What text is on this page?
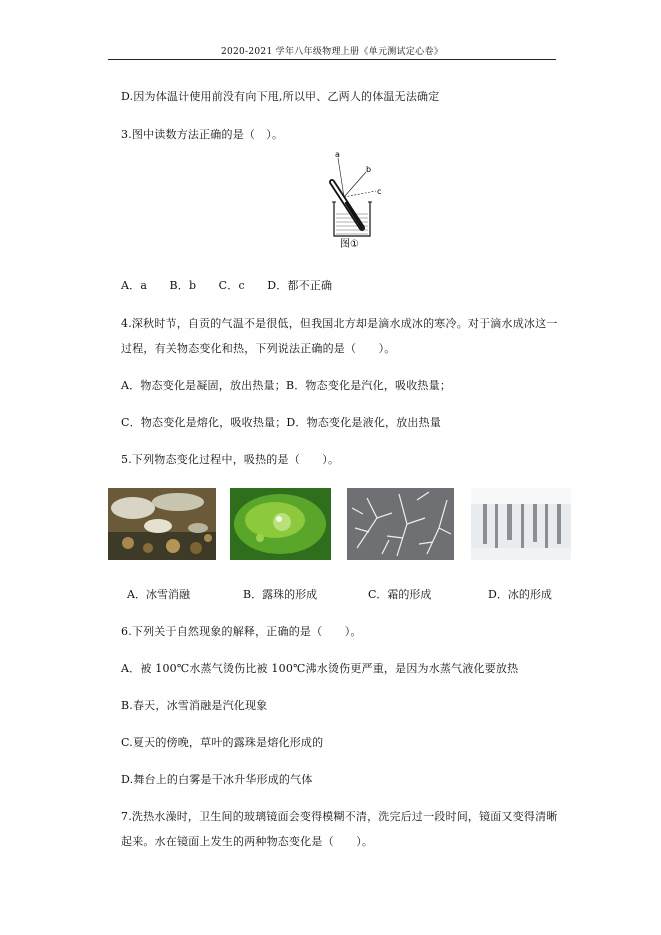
2020-2021 学年八年级物理上册《单元测试定心卷》
D.因为体温计使用前没有向下甩,所以甲、乙两人的体温无法确定
3.图中读数方法正确的是（　）。
a
b
c
图①
A．a　　B．b　　C．c　　D．都不正确
4.深秋时节，自贡的气温不是很低，但我国北方却是滴水成冰的寒冷。对于滴水成冰这一
过程，有关物态变化和热，下列说法正确的是（　　）。
A．物态变化是凝固，放出热量；B．物态变化是汽化，吸收热量；
C．物态变化是熔化，吸收热量；D．物态变化是液化，放出热量
5.下列物态变化过程中，吸热的是（　　）。
A．冰雪消融	B．露珠的形成	C．霜的形成	D．冰的形成
6.下列关于自然现象的解释，正确的是（　　）。
A．被 100℃水蒸气烫伤比被 100℃沸水烫伤更严重，是因为水蒸气液化要放热
B.春天，冰雪消融是汽化现象
C.夏天的傍晚，草叶的露珠是熔化形成的
D.舞台上的白雾是干冰升华形成的气体
7.洗热水澡时，卫生间的玻璃镜面会变得模糊不清，洗完后过一段时间，镜面又变得清晰
起来。水在镜面上发生的两种物态变化是（　　）。
